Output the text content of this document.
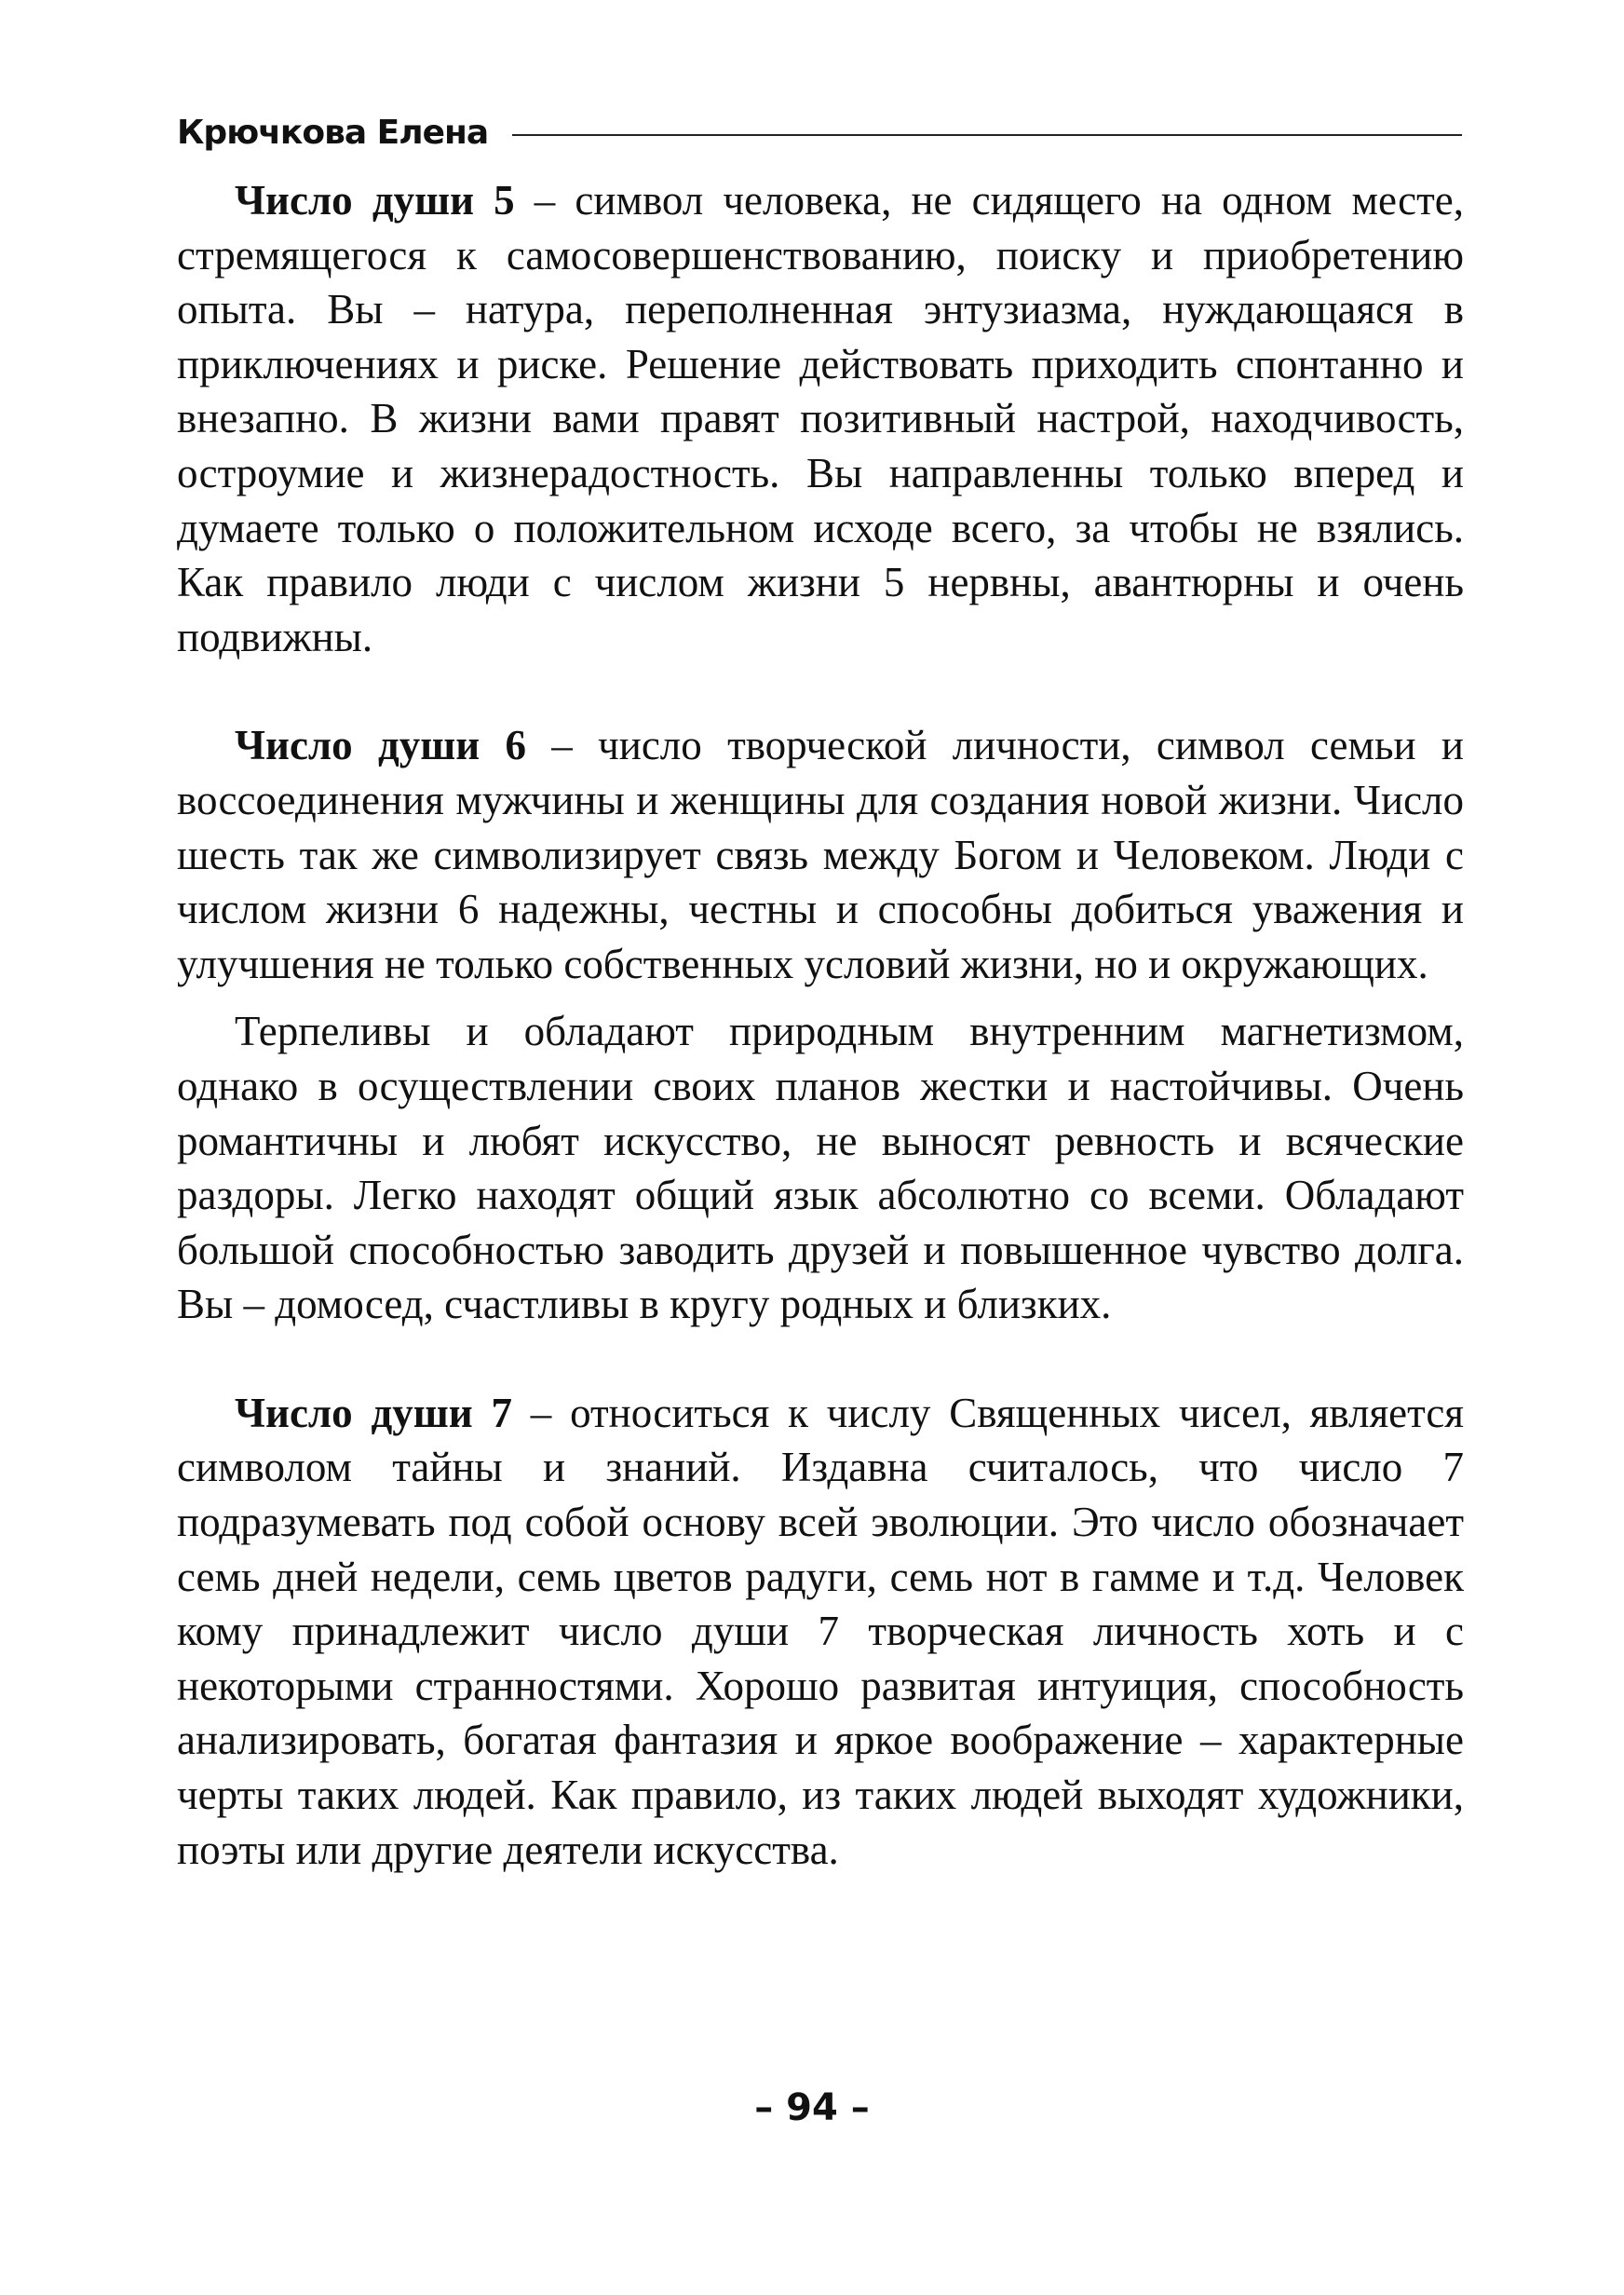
Крючкова Елена

Число души 5 – символ человека, не сидящего на одном месте, стремящегося к самосовершенствованию, поиску и приобретению опыта. Вы – натура, переполненная энтузиазма, нуждающаяся в приключениях и риске. Решение действовать приходить спонтанно и внезапно. В жизни вами правят позитивный настрой, находчивость, остроумие и жизнерадостность. Вы направленны только вперед и думаете только о положительном исходе всего, за чтобы не взялись. Как правило люди с числом жизни 5 нервны, авантюрны и очень подвижны.

Число души 6 – число творческой личности, символ семьи и воссоединения мужчины и женщины для создания новой жизни. Число шесть так же символизирует связь между Богом и Человеком. Люди с числом жизни 6 надежны, честны и способны добиться уважения и улучшения не только собственных условий жизни, но и окружающих.

Терпеливы и обладают природным внутренним магнетизмом, однако в осуществлении своих планов жестки и настойчивы. Очень романтичны и любят искусство, не выносят ревность и всяческие раздоры. Легко находят общий язык абсолютно со всеми. Обладают большой способностью заводить друзей и повышенное чувство долга. Вы – домосед, счастливы в кругу родных и близких.

Число души 7 – относиться к числу Священных чисел, является символом тайны и знаний. Издавна считалось, что число 7 подразумевать под собой основу всей эволюции. Это число обозначает семь дней недели, семь цветов радуги, семь нот в гамме и т.д. Человек кому принадлежит число души 7 творческая личность хоть и с некоторыми странностями. Хорошо развитая интуиция, способность анализировать, богатая фантазия и яркое воображение – характерные черты таких людей. Как правило, из таких людей выходят художники, поэты или другие деятели искусства.

– 94 –
